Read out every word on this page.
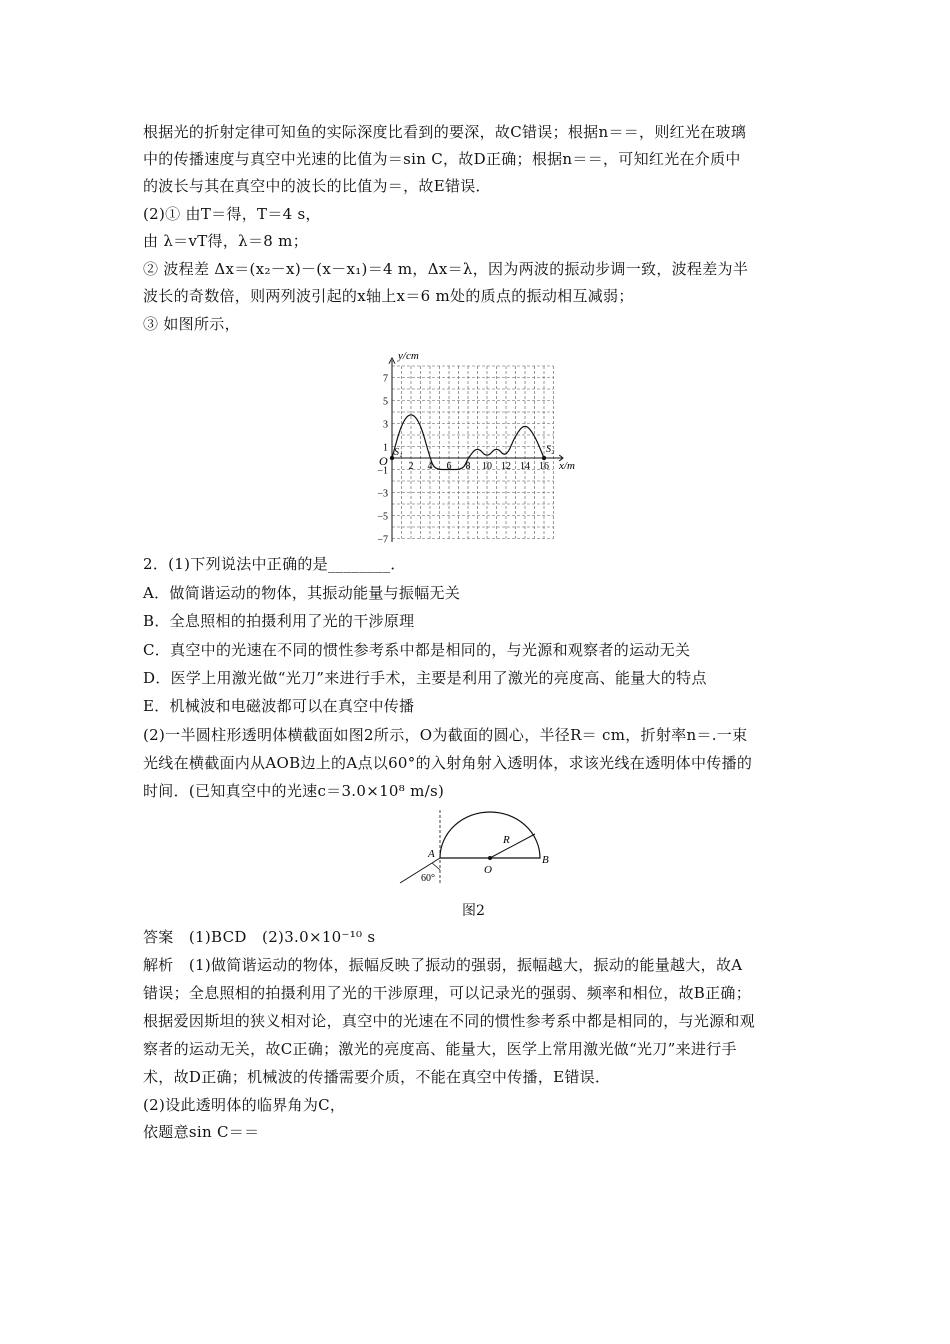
根据光的折射定律可知鱼的实际深度比看到的要深，故C错误；根据n＝＝，则红光在玻璃
中的传播速度与真空中光速的比值为＝sin C，故D正确；根据n＝＝，可知红光在介质中
的波长与其在真空中的波长的比值为＝，故E错误．
(2)① 由T＝得，T＝4 s，
由 λ＝vT得，λ＝8 m；
② 波程差 Δx＝(x₂－x)－(x－x₁)＝4 m，Δx＝λ，因为两波的振动步调一致，波程差为半
波长的奇数倍，则两列波引起的x轴上x＝6 m处的质点的振动相互减弱；
③ 如图所示，
7
5
3
1
−1
−3
−5
−7
2 4 6 8 10 12 14 16
y/cm
x/m
O
S₁	S₂
2．(1)下列说法中正确的是________．
A．做简谐运动的物体，其振动能量与振幅无关
B．全息照相的拍摄利用了光的干涉原理
C．真空中的光速在不同的惯性参考系中都是相同的，与光源和观察者的运动无关
D．医学上用激光做“光刀”来进行手术，主要是利用了激光的亮度高、能量大的特点
E．机械波和电磁波都可以在真空中传播
(2)一半圆柱形透明体横截面如图2所示，O为截面的圆心，半径R＝ cm，折射率n＝.一束
光线在横截面内从AOB边上的A点以60°的入射角射入透明体，求该光线在透明体中传播的
时间．(已知真空中的光速c＝3.0×10⁸ m/s)
A
O
B
R
60°
图2
答案　(1)BCD　(2)3.0×10⁻¹⁰ s
解析　(1)做简谐运动的物体，振幅反映了振动的强弱，振幅越大，振动的能量越大，故A
错误；全息照相的拍摄利用了光的干涉原理，可以记录光的强弱、频率和相位，故B正确；
根据爱因斯坦的狭义相对论，真空中的光速在不同的惯性参考系中都是相同的，与光源和观
察者的运动无关，故C正确；激光的亮度高、能量大，医学上常用激光做“光刀”来进行手
术，故D正确；机械波的传播需要介质，不能在真空中传播，E错误．
(2)设此透明体的临界角为C，
依题意sin C＝＝
